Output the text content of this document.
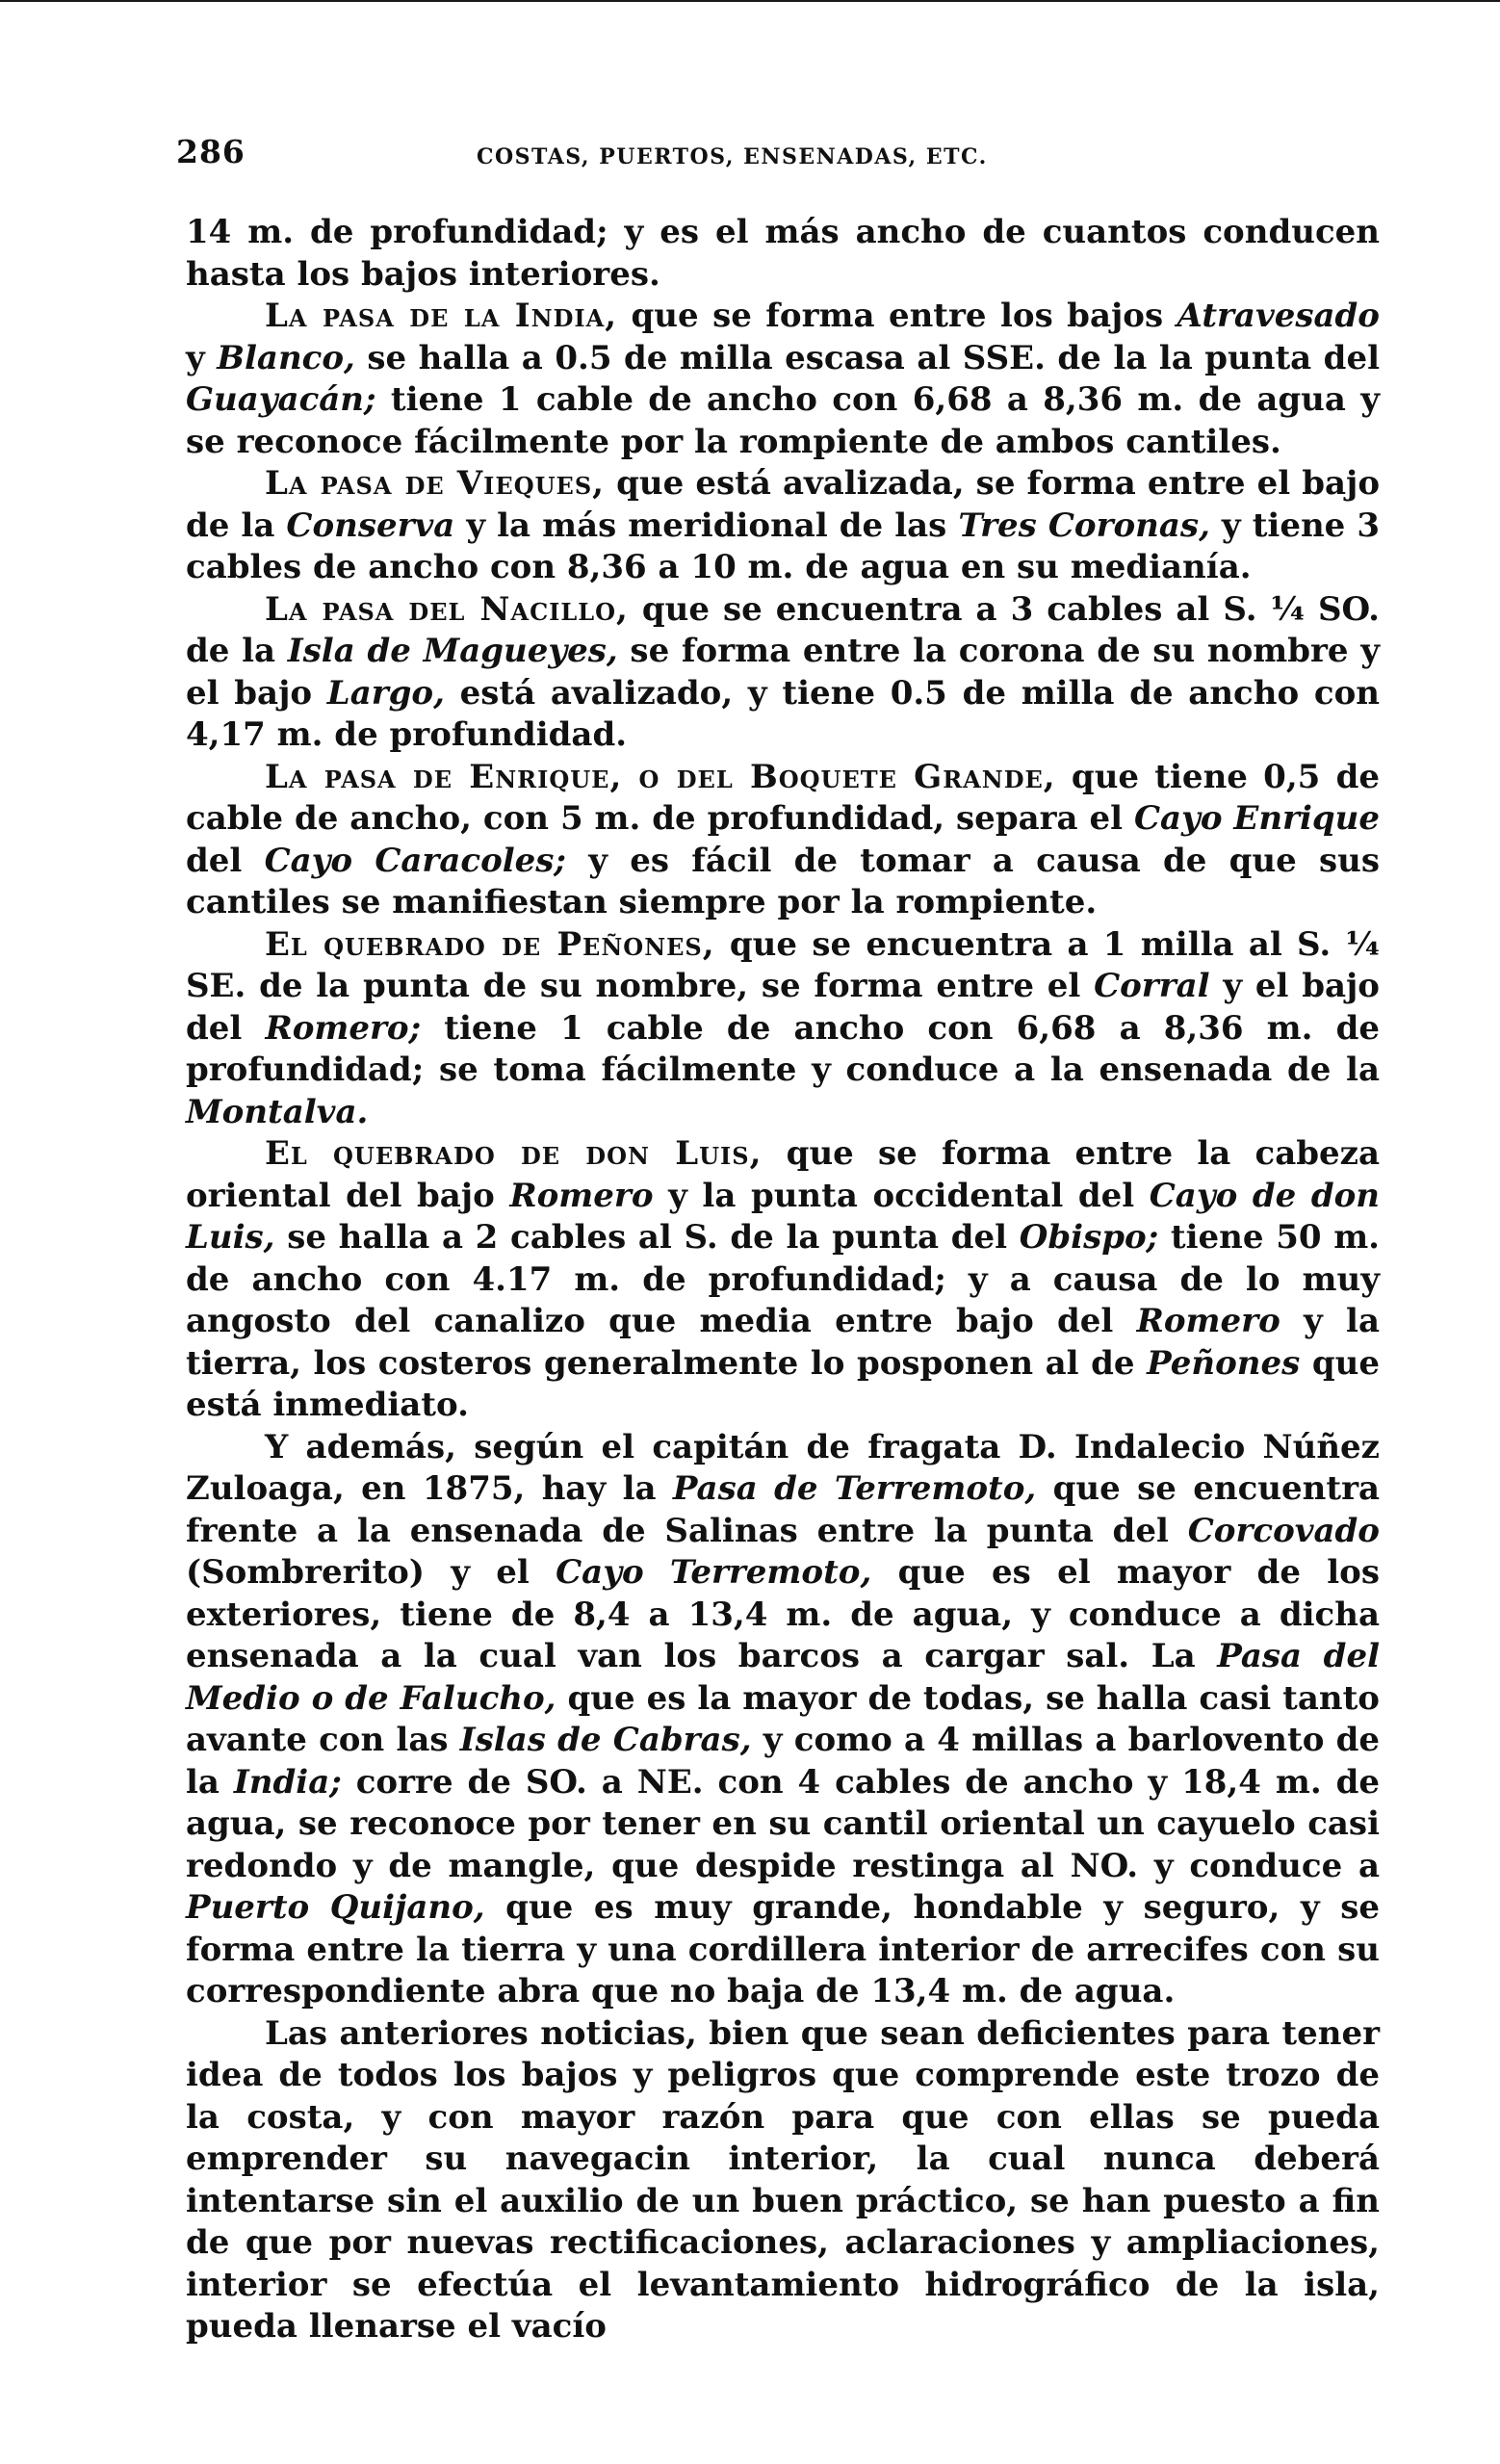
286	COSTAS, PUERTOS, ENSENADAS, ETC.

14 m. de profundidad; y es el más ancho de cuantos conducen hasta los bajos interiores.

La pasa de la India, que se forma entre los bajos Atravesado y Blanco, se halla a 0.5 de milla escasa al SSE. de la la punta del Guayacán; tiene 1 cable de ancho con 6,68 a 8,36 m. de agua y se reconoce fácilmente por la rompiente de ambos cantiles.

La pasa de Vieques, que está avalizada, se forma entre el bajo de la Conserva y la más meridional de las Tres Coronas, y tiene 3 cables de ancho con 8,36 a 10 m. de agua en su medianía.

La pasa del Nacillo, que se encuentra a 3 cables al S. ¼ SO. de la Isla de Magueyes, se forma entre la corona de su nombre y el bajo Largo, está avalizado, y tiene 0.5 de milla de ancho con 4,17 m. de profundidad.

La pasa de Enrique, o del Boquete Grande, que tiene 0,5 de cable de ancho, con 5 m. de profundidad, separa el Cayo Enrique del Cayo Caracoles; y es fácil de tomar a causa de que sus cantiles se manifiestan siempre por la rompiente.

El quebrado de Peñones, que se encuentra a 1 milla al S. ¼ SE. de la punta de su nombre, se forma entre el Corral y el bajo del Romero; tiene 1 cable de ancho con 6,68 a 8,36 m. de profundidad; se toma fácilmente y conduce a la ensenada de la Montalva.

El quebrado de don Luis, que se forma entre la cabeza oriental del bajo Romero y la punta occidental del Cayo de don Luis, se halla a 2 cables al S. de la punta del Obispo; tiene 50 m. de ancho con 4.17 m. de profundidad; y a causa de lo muy angosto del canalizo que media entre bajo del Romero y la tierra, los costeros generalmente lo posponen al de Peñones que está inmediato.

Y además, según el capitán de fragata D. Indalecio Núñez Zuloaga, en 1875, hay la Pasa de Terremoto, que se encuentra frente a la ensenada de Salinas entre la punta del Corcovado (Sombrerito) y el Cayo Terremoto, que es el mayor de los exteriores, tiene de 8,4 a 13,4 m. de agua, y conduce a dicha ensenada a la cual van los barcos a cargar sal. La Pasa del Medio o de Falucho, que es la mayor de todas, se halla casi tanto avante con las Islas de Cabras, y como a 4 millas a barlovento de la India; corre de SO. a NE. con 4 cables de ancho y 18,4 m. de agua, se reconoce por tener en su cantil oriental un cayuelo casi redondo y de mangle, que despide restinga al NO. y conduce a Puerto Quijano, que es muy grande, hondable y seguro, y se forma entre la tierra y una cordillera interior de arrecifes con su correspondiente abra que no baja de 13,4 m. de agua.

Las anteriores noticias, bien que sean deficientes para tener idea de todos los bajos y peligros que comprende este trozo de la costa, y con mayor razón para que con ellas se pueda emprender su navegacin interior, la cual nunca deberá intentarse sin el auxilio de un buen práctico, se han puesto a fin de que por nuevas rectificaciones, aclaraciones y ampliaciones, interior se efectúa el levantamiento hidrográfico de la isla, pueda llenarse el vacío
